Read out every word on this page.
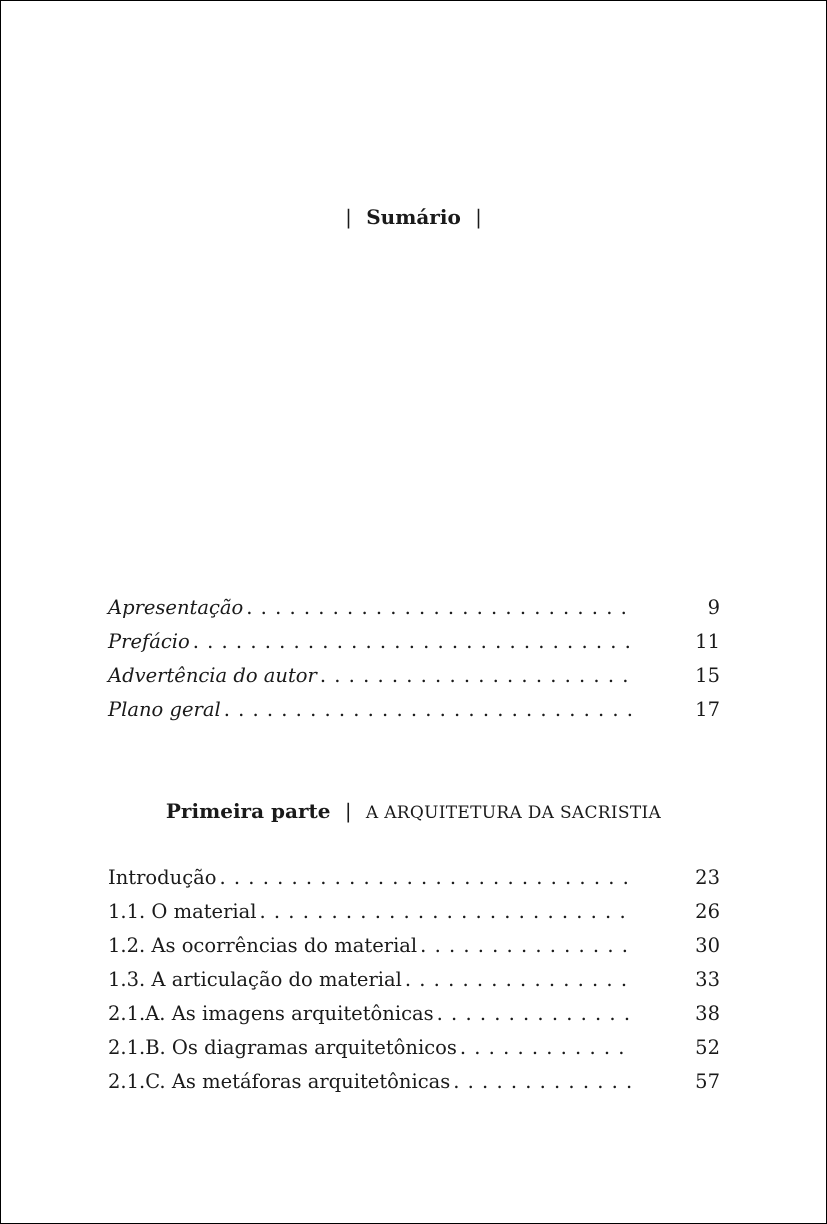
| Sumário |
Apresentação . . .	9
Prefácio . . .	11
Advertência do autor . . .	15
Plano geral . . .	17
Primeira parte | A ARQUITETURA DA SACRISTIA
Introdução . . .	23
1.1. O material . . .	26
1.2. As ocorrências do material . . .	30
1.3. A articulação do material . . .	33
2.1.A. As imagens arquitetônicas . . .	38
2.1.B. Os diagramas arquitetônicos . . .	52
2.1.C. As metáforas arquitetônicas . . .	57
